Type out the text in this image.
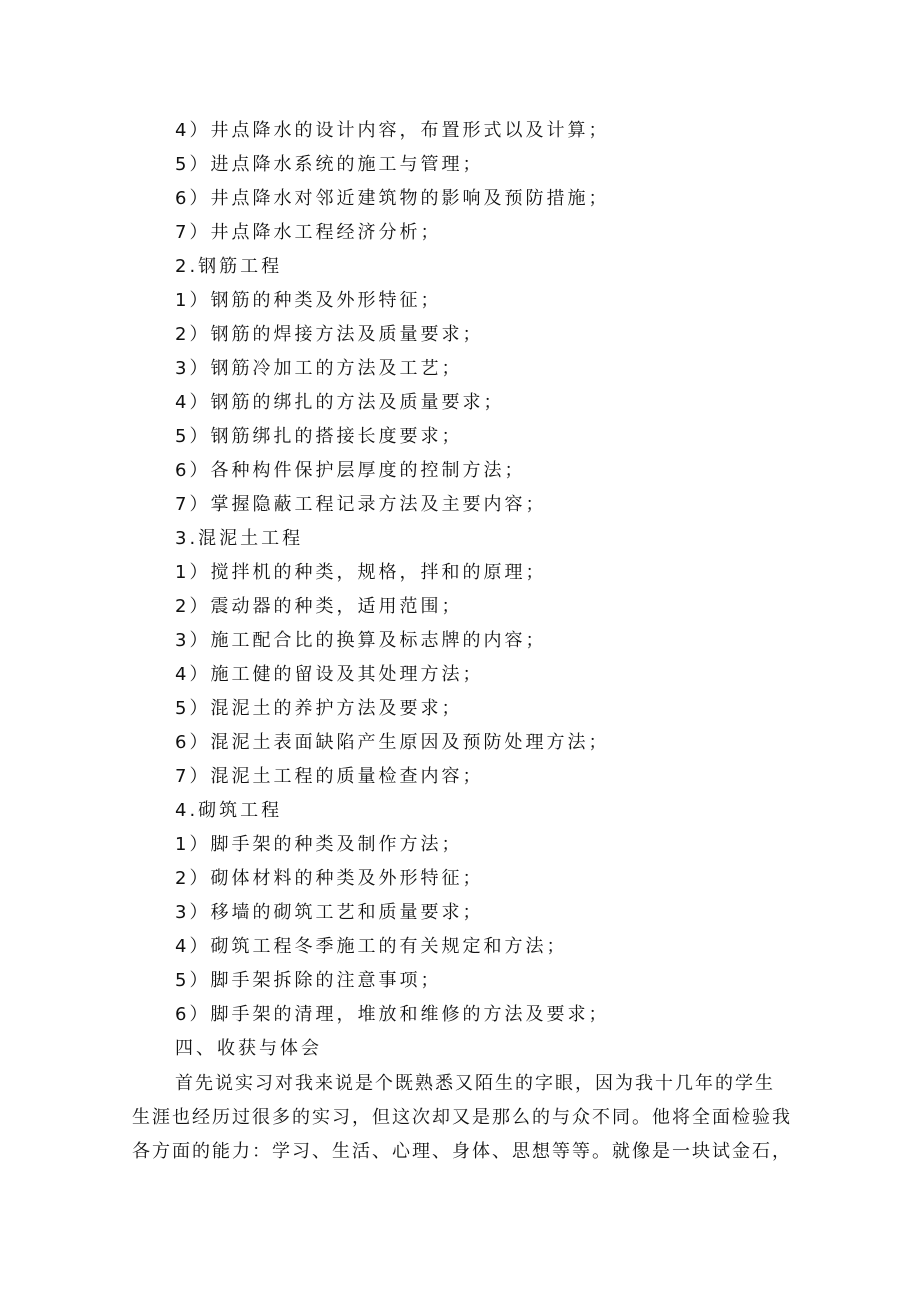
4）井点降水的设计内容，布置形式以及计算；
5）进点降水系统的施工与管理；
6）井点降水对邻近建筑物的影响及预防措施；
7）井点降水工程经济分析；
2.钢筋工程
1）钢筋的种类及外形特征；
2）钢筋的焊接方法及质量要求；
3）钢筋冷加工的方法及工艺；
4）钢筋的绑扎的方法及质量要求；
5）钢筋绑扎的搭接长度要求；
6）各种构件保护层厚度的控制方法；
7）掌握隐蔽工程记录方法及主要内容；
3.混泥土工程
1）搅拌机的种类，规格，拌和的原理；
2）震动器的种类，适用范围；
3）施工配合比的换算及标志牌的内容；
4）施工健的留设及其处理方法；
5）混泥土的养护方法及要求；
6）混泥土表面缺陷产生原因及预防处理方法；
7）混泥土工程的质量检查内容；
4.砌筑工程
1）脚手架的种类及制作方法；
2）砌体材料的种类及外形特征；
3）移墙的砌筑工艺和质量要求；
4）砌筑工程冬季施工的有关规定和方法；
5）脚手架拆除的注意事项；
6）脚手架的清理，堆放和维修的方法及要求；
四、收获与体会
首先说实习对我来说是个既熟悉又陌生的字眼，因为我十几年的学生
生涯也经历过很多的实习，但这次却又是那么的与众不同。他将全面检验我
各方面的能力：学习、生活、心理、身体、思想等等。就像是一块试金石，
